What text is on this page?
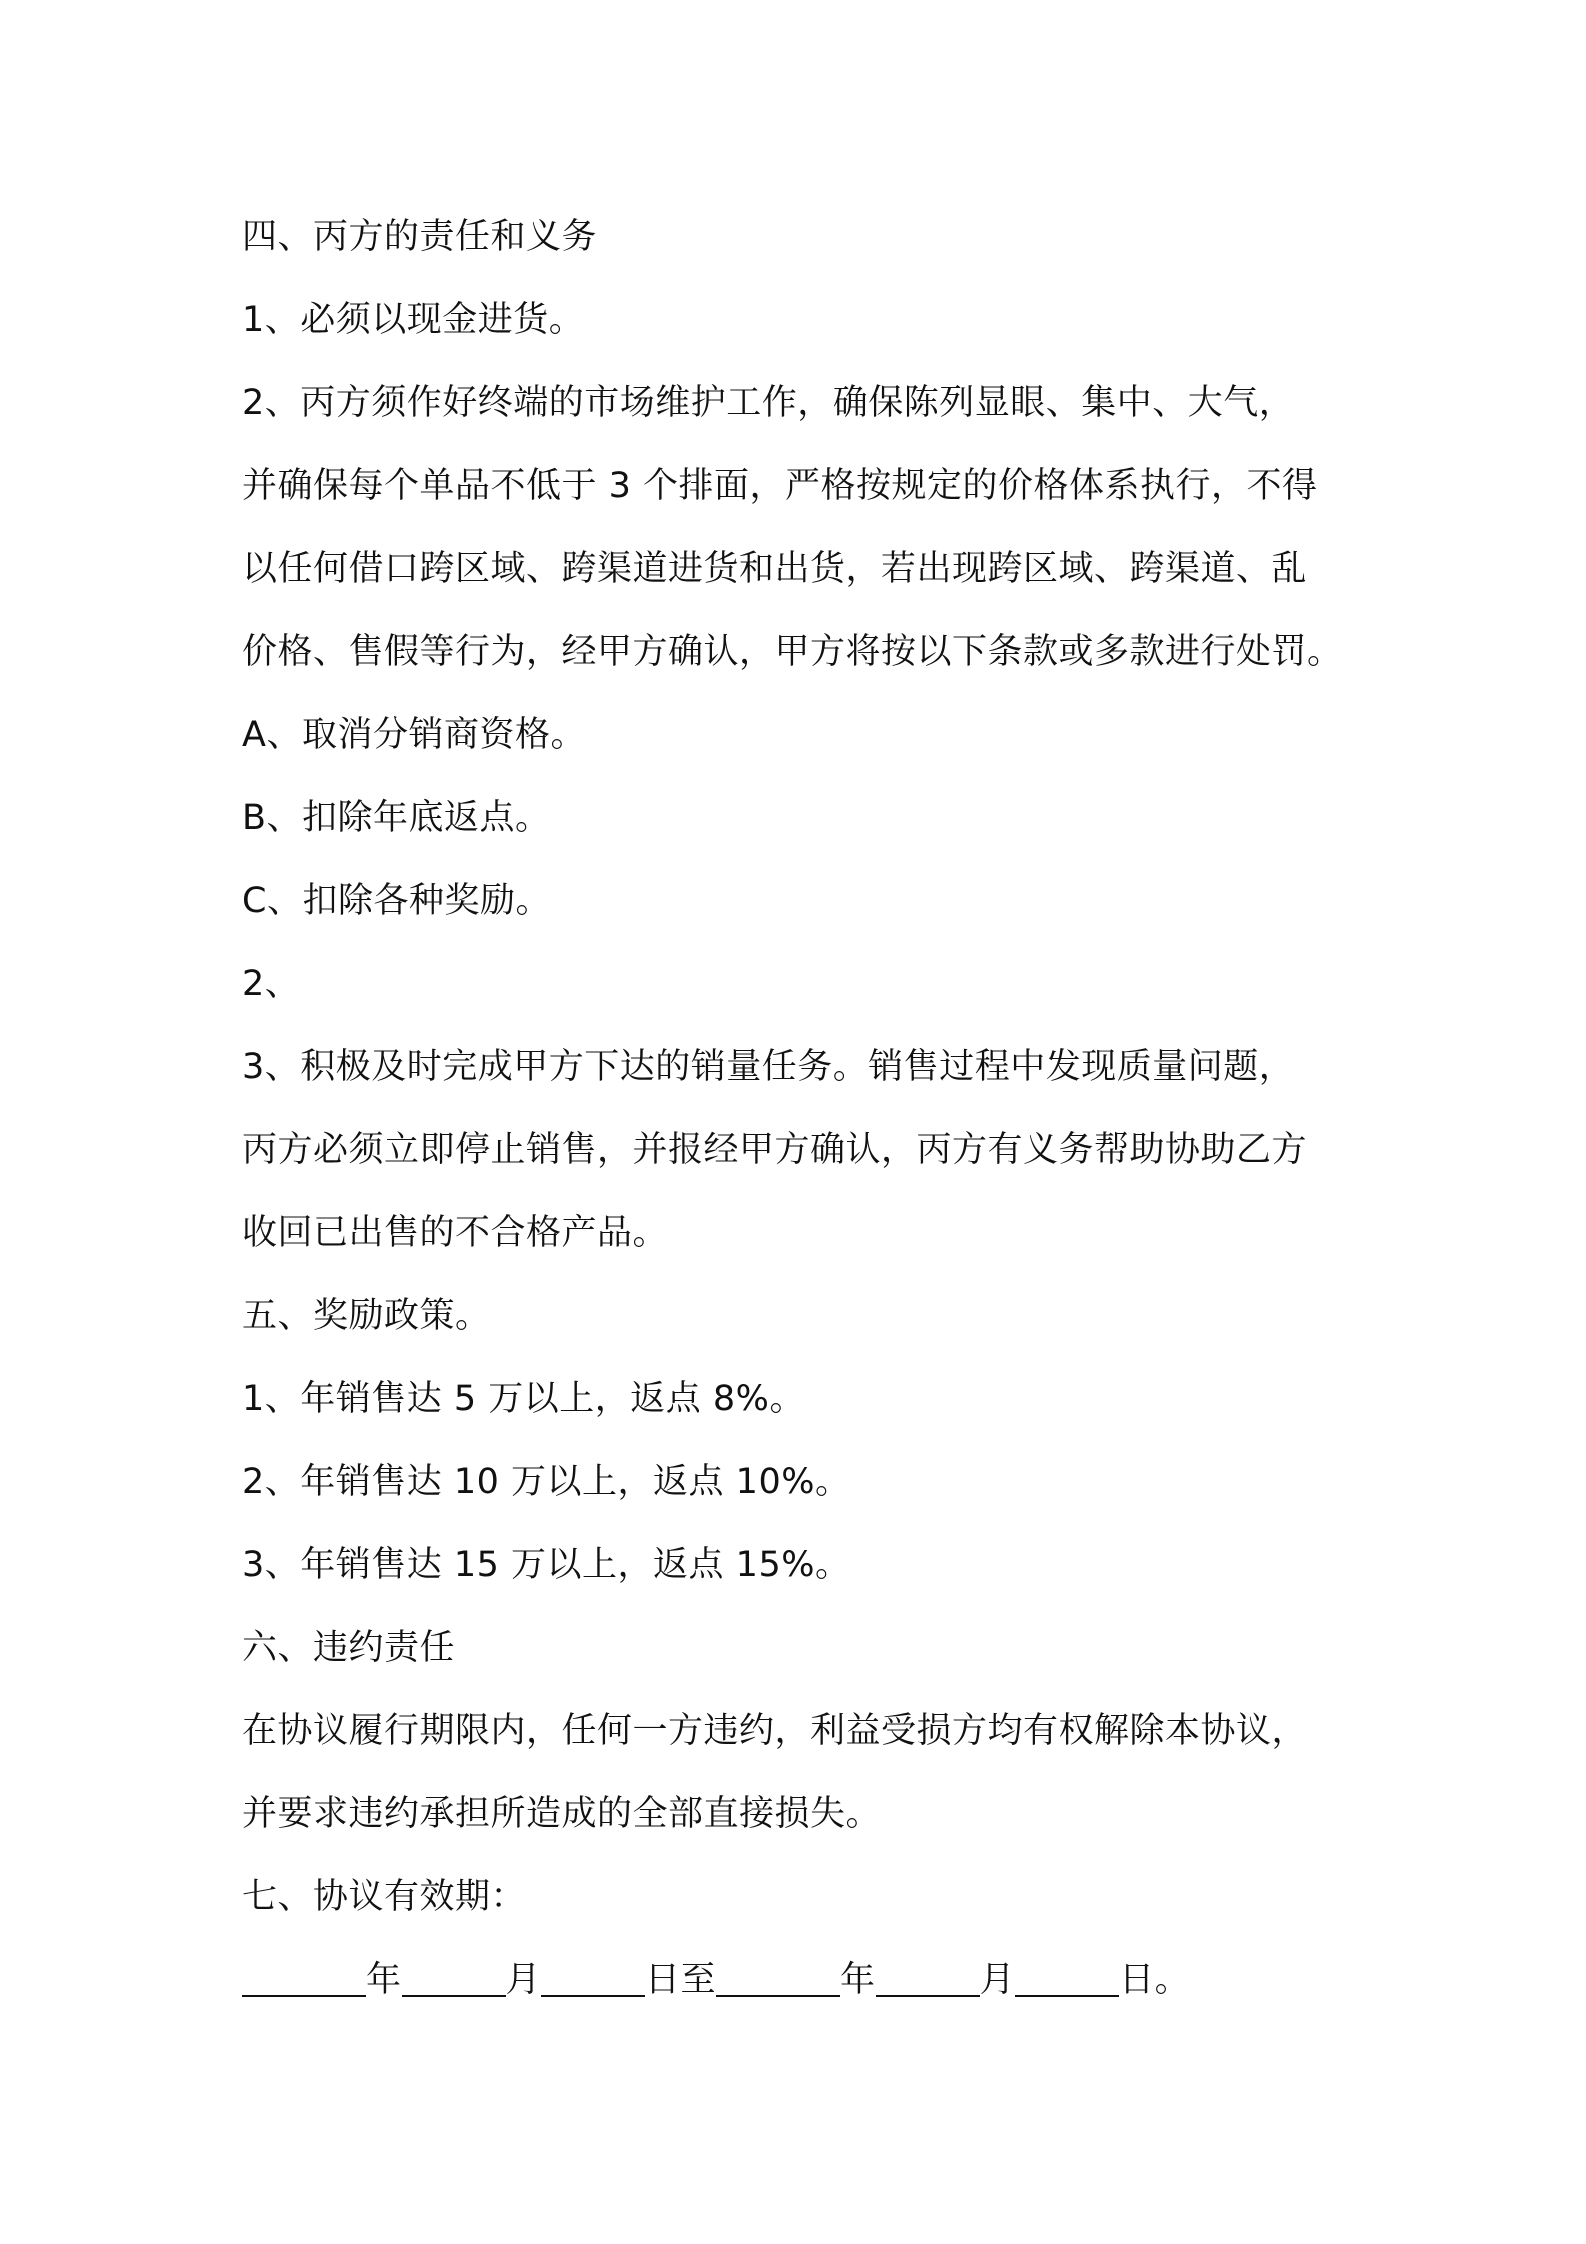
四、丙方的责任和义务
1、必须以现金进货。
2、丙方须作好终端的市场维护工作，确保陈列显眼、集中、大气，
并确保每个单品不低于 3 个排面，严格按规定的价格体系执行，不得
以任何借口跨区域、跨渠道进货和出货，若出现跨区域、跨渠道、乱
价格、售假等行为，经甲方确认，甲方将按以下条款或多款进行处罚。
A、取消分销商资格。
B、扣除年底返点。
C、扣除各种奖励。
2、
3、积极及时完成甲方下达的销量任务。销售过程中发现质量问题，
丙方必须立即停止销售，并报经甲方确认，丙方有义务帮助协助乙方
收回已出售的不合格产品。
五、奖励政策。
1、年销售达 5 万以上，返点 8%。
2、年销售达 10 万以上，返点 10%。
3、年销售达 15 万以上，返点 15%。
六、违约责任
在协议履行期限内，任何一方违约，利益受损方均有权解除本协议，
并要求违约承担所造成的全部直接损失。
七、协议有效期：
年	月	日至	年	月	日。
